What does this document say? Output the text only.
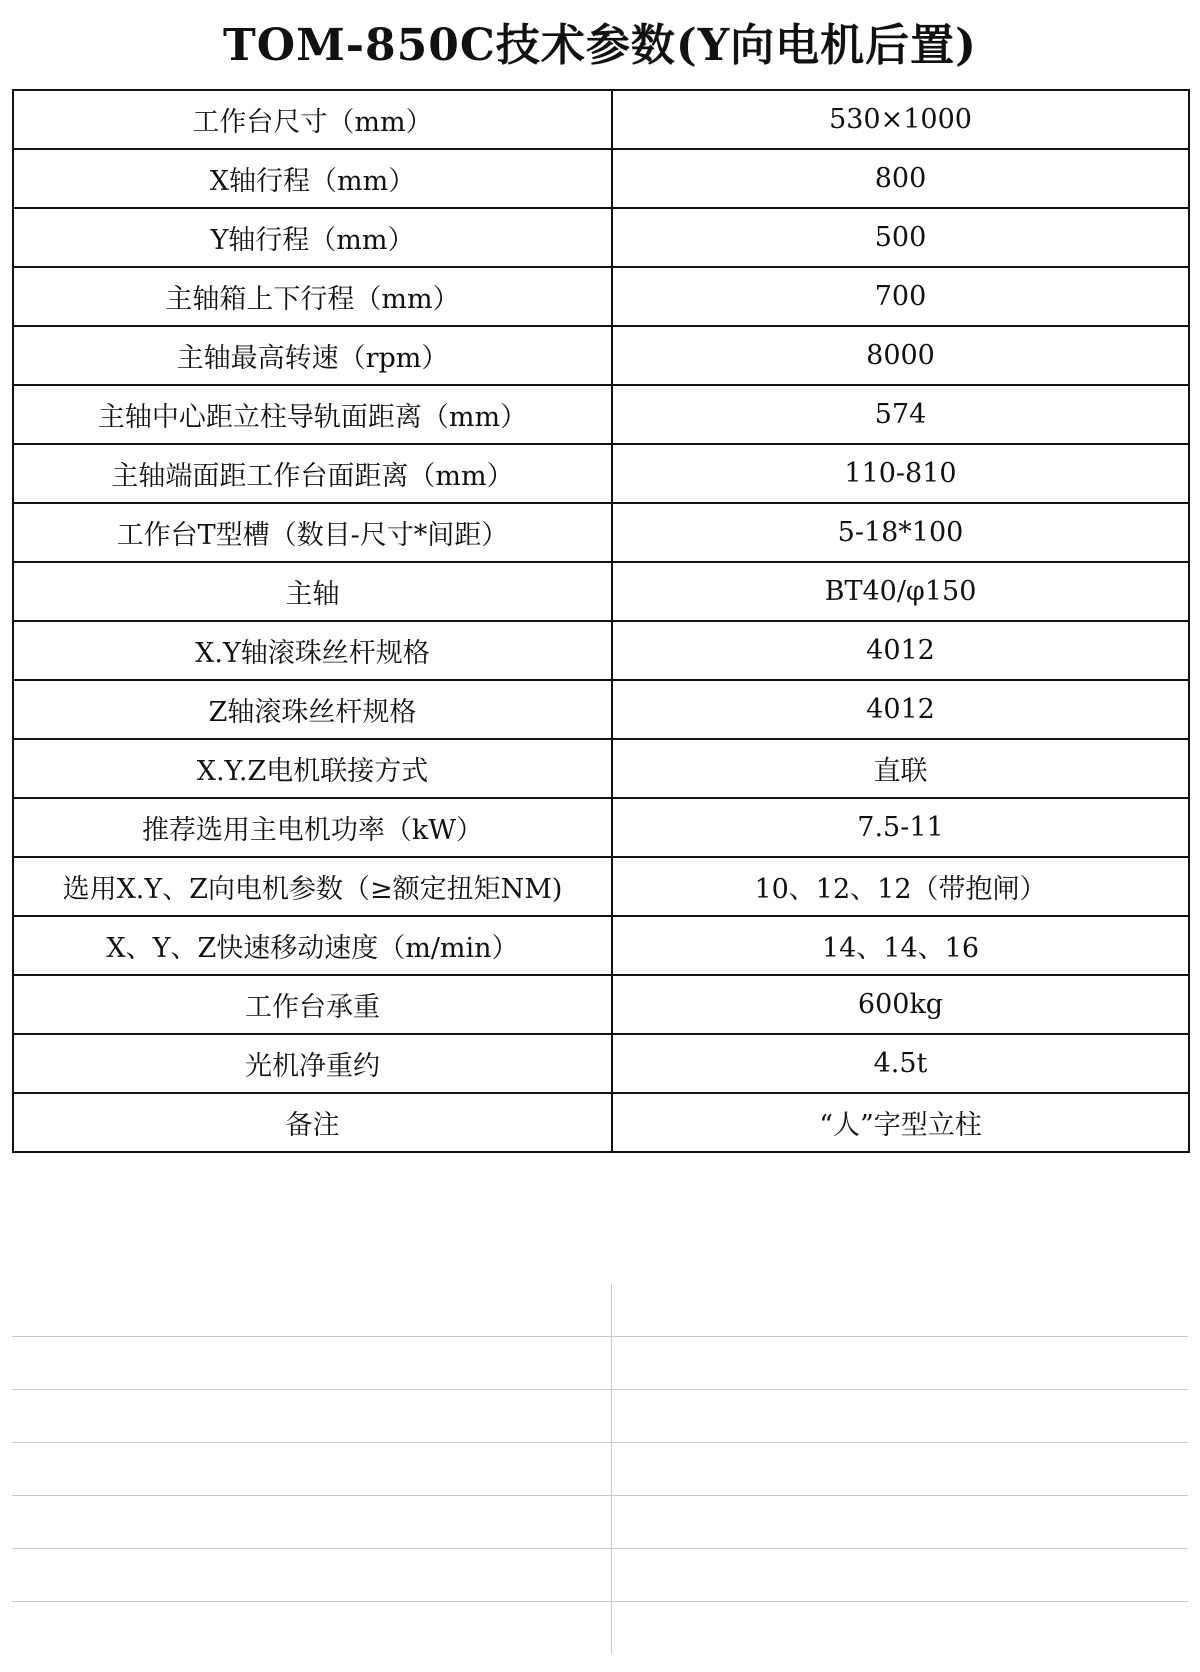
TOM-850C技术参数(Y向电机后置)
工作台尺寸（mm）	530×1000
X轴行程（mm）	800
Y轴行程（mm）	500
主轴箱上下行程（mm）	700
主轴最高转速（rpm）	8000
主轴中心距立柱导轨面距离（mm）	574
主轴端面距工作台面距离（mm）	110-810
工作台T型槽（数目-尺寸*间距）	5-18*100
主轴	BT40/φ150
X.Y轴滚珠丝杆规格	4012
Z轴滚珠丝杆规格	4012
X.Y.Z电机联接方式	直联
推荐选用主电机功率（kW）	7.5-11
选用X.Y、Z向电机参数（≥额定扭矩NM)	10、12、12（带抱闸）
X、Y、Z快速移动速度（m/min）	14、14、16
工作台承重	600kg
光机净重约	4.5t
备注	“人”字型立柱
